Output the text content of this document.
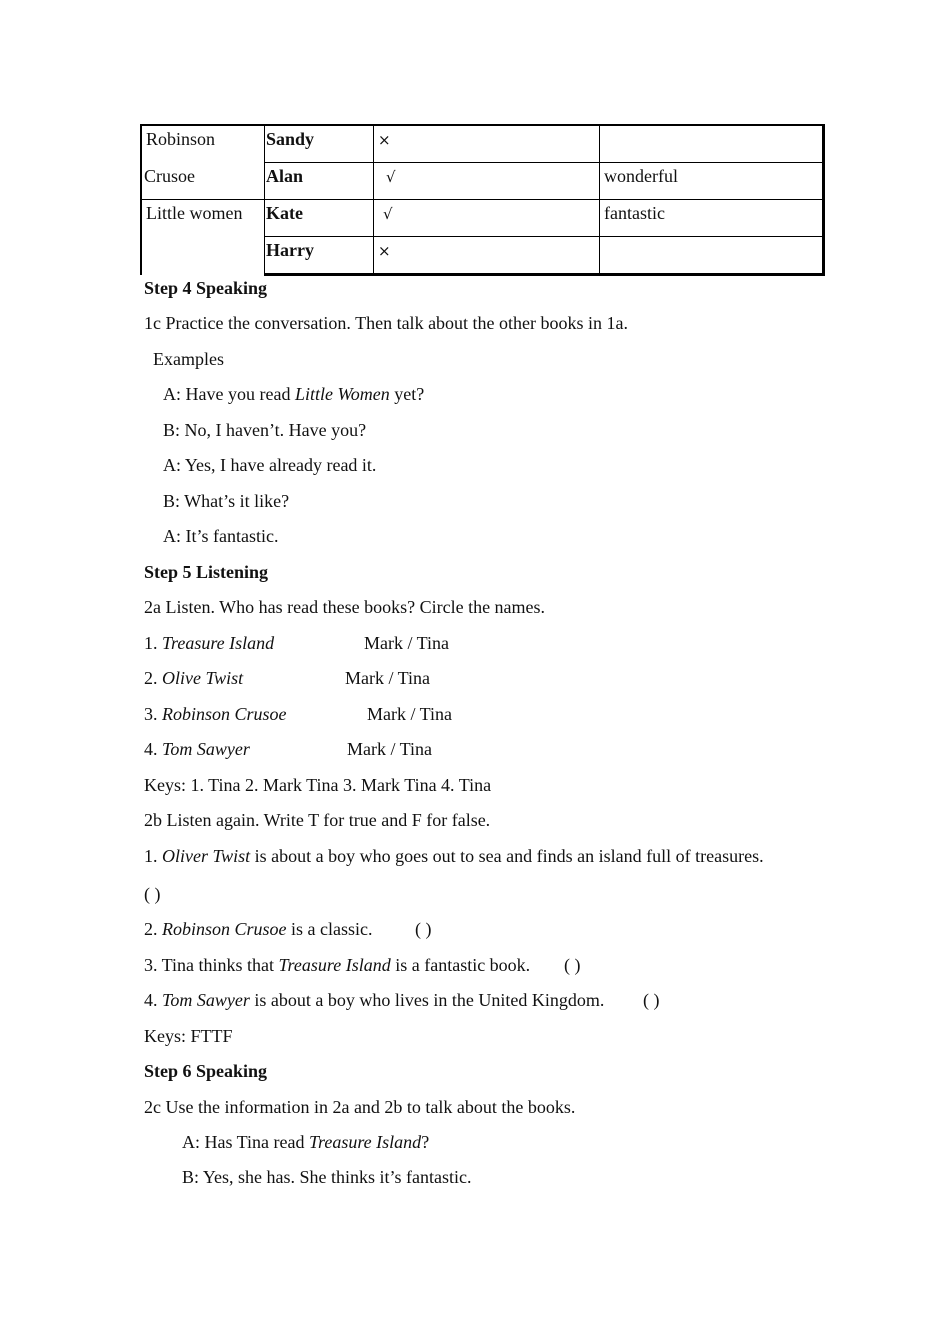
Robinson	Sandy	×	
Crusoe	Alan	√	wonderful
Little women	Kate	√	fantastic
	Harry	×	
Step 4 Speaking
1c Practice the conversation. Then talk about the other books in 1a.
Examples
A: Have you read Little Women yet?
B: No, I haven’t. Have you?
A: Yes, I have already read it.
B: What’s it like?
A: It’s fantastic.
Step 5 Listening
2a Listen. Who has read these books? Circle the names.
1. Treasure Island	Mark / Tina
2. Olive Twist	Mark / Tina
3. Robinson Crusoe	Mark / Tina
4. Tom Sawyer	Mark / Tina
Keys: 1. Tina 2. Mark Tina 3. Mark Tina 4. Tina
2b Listen again. Write T for true and F for false.
1. Oliver Twist is about a boy who goes out to sea and finds an island full of treasures.
( )
2. Robinson Crusoe is a classic. ( )
3. Tina thinks that Treasure Island is a fantastic book. ( )
4. Tom Sawyer is about a boy who lives in the United Kingdom. ( )
Keys: FTTF
Step 6 Speaking
2c Use the information in 2a and 2b to talk about the books.
A: Has Tina read Treasure Island?
B: Yes, she has. She thinks it’s fantastic.
